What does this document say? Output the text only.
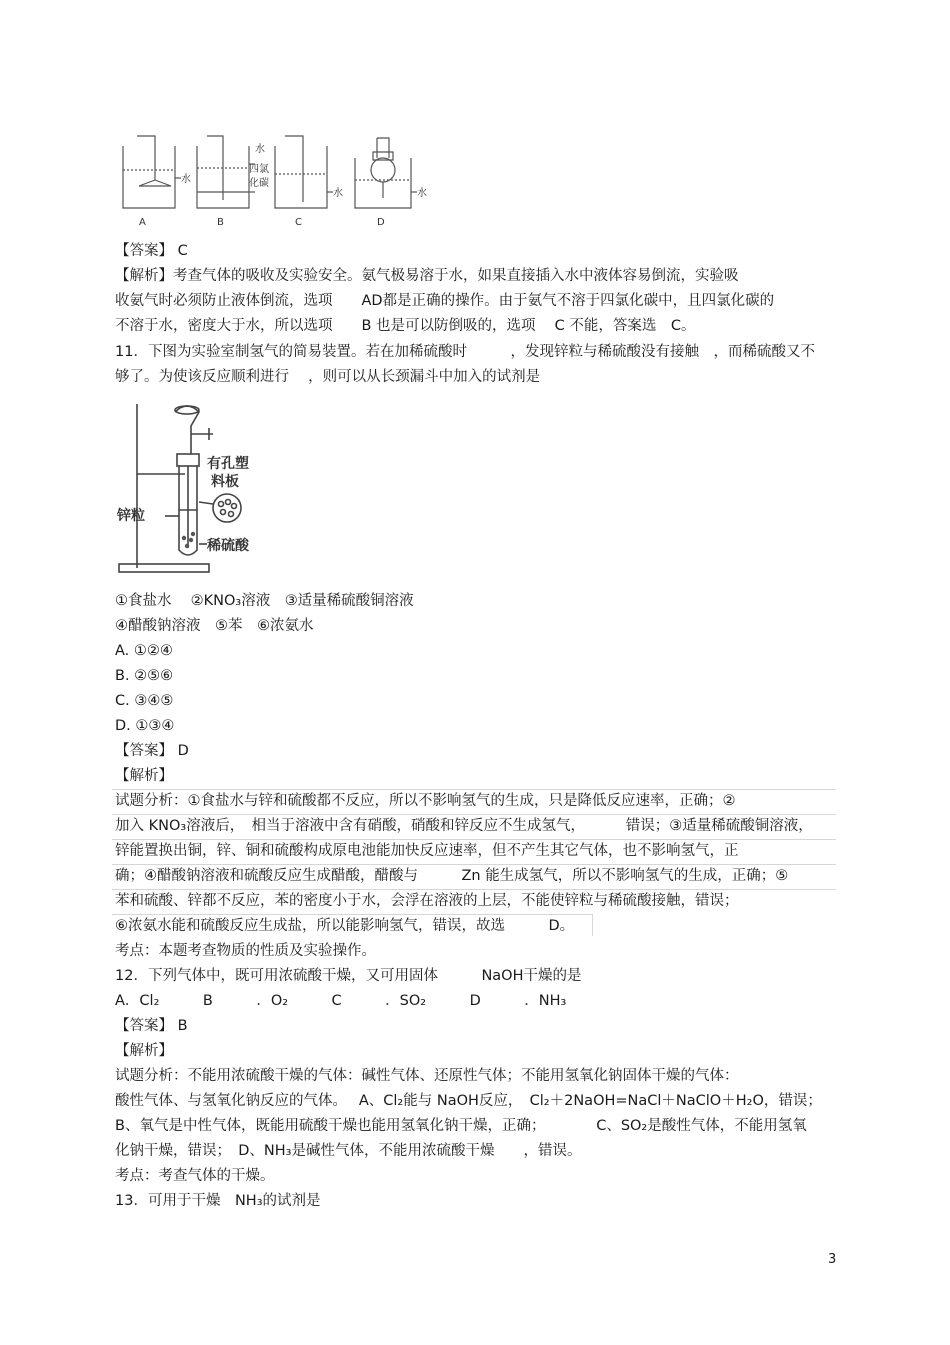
A	B	C	D
水
水
四氯
化碳
水	水
【答案】 C
【解析】考查气体的吸收及实验安全。氨气极易溶于水，如果直接插入水中液体容易倒流，实验吸
收氨气时必须防止液体倒流，选项　　AD都是正确的操作。由于氨气不溶于四氯化碳中，且四氯化碳的
不溶于水，密度大于水，所以选项　　B 也是可以防倒吸的，选项　 C 不能，答案选　C。
11．下图为实验室制氢气的简易装置。若在加稀硫酸时　　　，发现锌粒与稀硫酸没有接触　，而稀硫酸又不
够了。为使该反应顺利进行　 ，则可以从长颈漏斗中加入的试剂是
有孔塑
料板
锌粒
稀硫酸
①食盐水　 ②KNO₃溶液　③适量稀硫酸铜溶液
④醋酸钠溶液　⑤苯　⑥浓氨水
A. ①②④
B. ②⑤⑥
C. ③④⑤
D. ①③④
【答案】 D
【解析】
试题分析：①食盐水与锌和硫酸都不反应，所以不影响氢气的生成，只是降低反应速率，正确；②
加入 KNO₃溶液后，　相当于溶液中含有硝酸，硝酸和锌反应不生成氢气，　　　 错误；③适量稀硫酸铜溶液，
锌能置换出铜，锌、铜和硫酸构成原电池能加快反应速率，但不产生其它气体，也不影响氢气，正
确；④醋酸钠溶液和硫酸反应生成醋酸，醋酸与　　　Zn 能生成氢气，所以不影响氢气的生成，正确；⑤
苯和硫酸、锌都不反应，苯的密度小于水，会浮在溶液的上层，不能使锌粒与稀硫酸接触，错误；
⑥浓氨水能和硫酸反应生成盐，所以能影响氢气，错误，故选　　　D。
考点：本题考查物质的性质及实验操作。
12．下列气体中，既可用浓硫酸干燥，又可用固体　　　NaOH干燥的是
A．Cl₂　　　B　　　．O₂　　　C　　　．SO₂　　　D　　　．NH₃
【答案】 B
【解析】
试题分析：不能用浓硫酸干燥的气体：碱性气体、还原性气体；不能用氢氧化钠固体干燥的气体：
酸性气体、与氢氧化钠反应的气体。　 A、Cl₂能与 NaOH反应，　Cl₂＋2NaOH=NaCl＋NaClO＋H₂O，错误；
B、氧气是中性气体，既能用硫酸干燥也能用氢氧化钠干燥，正确；　　　　C、SO₂是酸性气体，不能用氢氧
化钠干燥，错误；　D、NH₃是碱性气体，不能用浓硫酸干燥　　，错误。
考点：考查气体的干燥。
13．可用于干燥　NH₃的试剂是
3
